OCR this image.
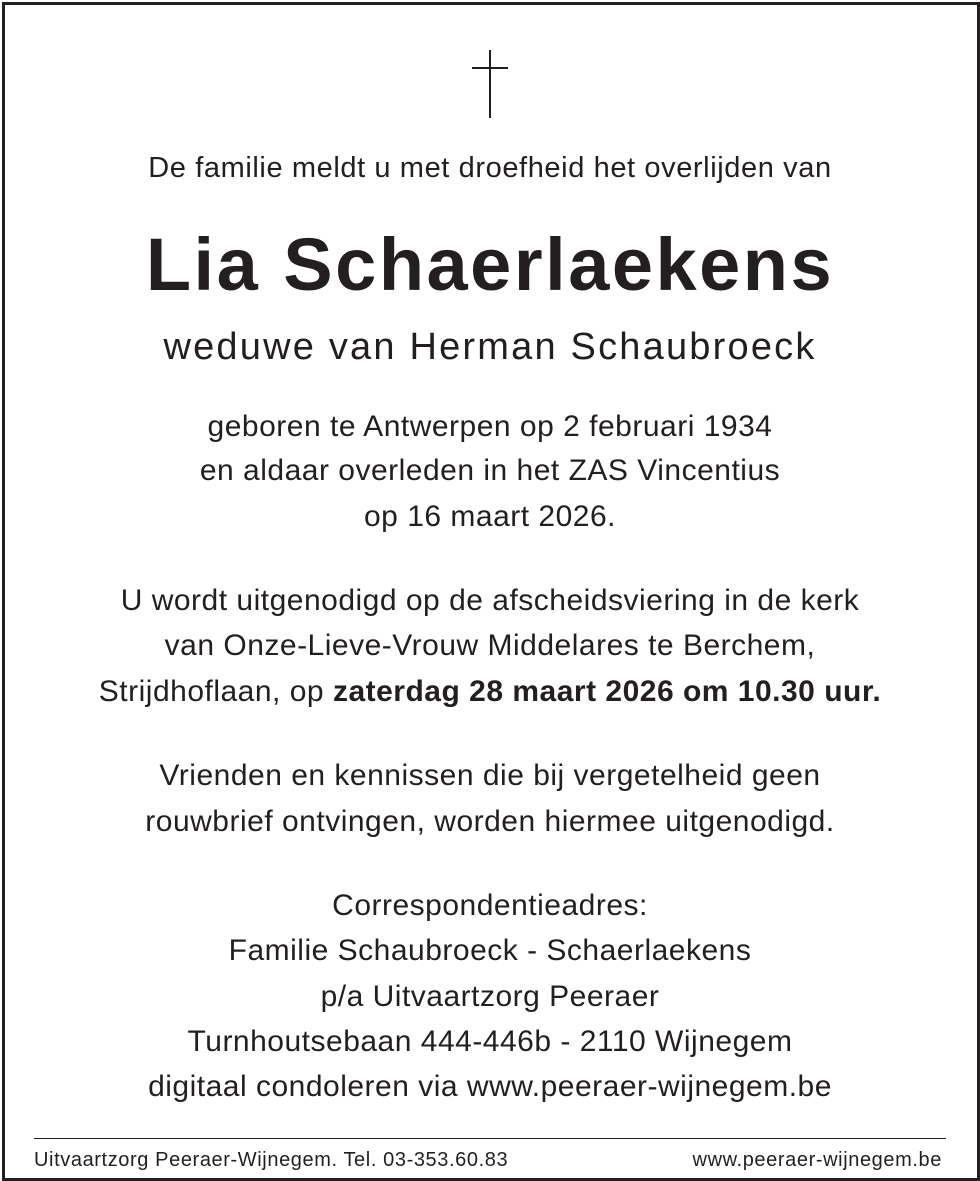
De familie meldt u met droefheid het overlijden van
Lia Schaerlaekens
weduwe van Herman Schaubroeck
geboren te Antwerpen op 2 februari 1934
en aldaar overleden in het ZAS Vincentius
op 16 maart 2026.
U wordt uitgenodigd op de afscheidsviering in de kerk
van Onze-Lieve-Vrouw Middelares te Berchem,
Strijdhoflaan, op zaterdag 28 maart 2026 om 10.30 uur.
Vrienden en kennissen die bij vergetelheid geen
rouwbrief ontvingen, worden hiermee uitgenodigd.
Correspondentieadres:
Familie Schaubroeck - Schaerlaekens
p/a Uitvaartzorg Peeraer
Turnhoutsebaan 444-446b - 2110 Wijnegem
digitaal condoleren via www.peeraer-wijnegem.be
Uitvaartzorg Peeraer-Wijnegem. Tel. 03-353.60.83	www.peeraer-wijnegem.be
